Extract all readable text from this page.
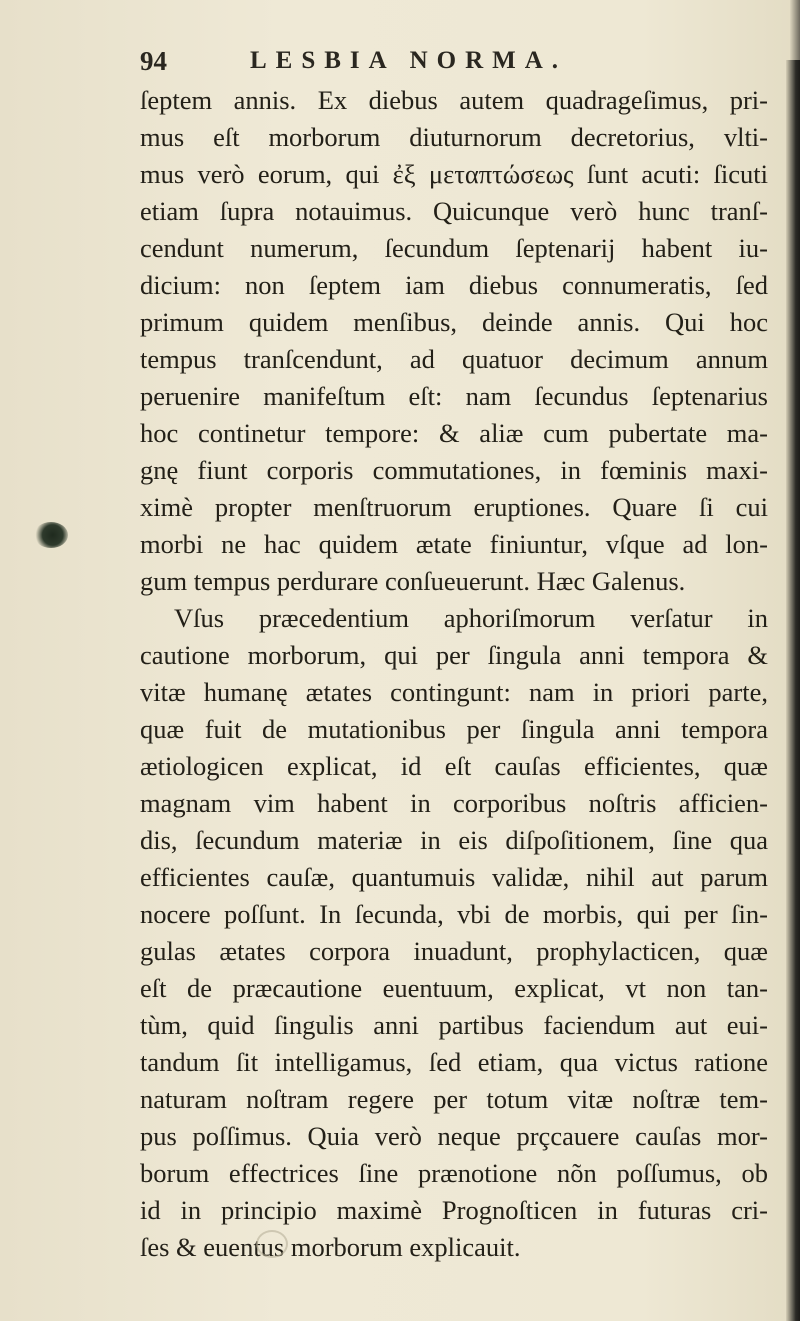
94	LESBIA NORMA.
ſeptem annis. Ex diebus autem quadrageſimus, pri-
mus eſt morborum diuturnorum decretorius, vlti-
mus verò eorum, qui ἐξ μεταπτώσεως ſunt acuti: ſicuti
etiam ſupra notauimus. Quicunque verò hunc tranſ-
cendunt numerum, ſecundum ſeptenarij habent iu-
dicium: non ſeptem iam diebus connumeratis, ſed
primum quidem menſibus, deinde annis. Qui hoc
tempus tranſcendunt, ad quatuor decimum annum
peruenire manifeſtum eſt: nam ſecundus ſeptenarius
hoc continetur tempore: & aliæ cum pubertate ma-
gnę fiunt corporis commutationes, in fœminis maxi-
ximè propter menſtruorum eruptiones. Quare ſi cui
morbi ne hac quidem ætate finiuntur, vſque ad lon-
gum tempus perdurare conſueuerunt. Hæc Galenus.
Vſus præcedentium aphoriſmorum verſatur in
cautione morborum, qui per ſingula anni tempora &
vitæ humanę ætates contingunt: nam in priori parte,
quæ fuit de mutationibus per ſingula anni tempora
ætiologicen explicat, id eſt cauſas efficientes, quæ
magnam vim habent in corporibus noſtris afficien-
dis, ſecundum materiæ in eis diſpoſitionem, ſine qua
efficientes cauſæ, quantumuis validæ, nihil aut parum
nocere poſſunt. In ſecunda, vbi de morbis, qui per ſin-
gulas ætates corpora inuadunt, prophylacticen, quæ
eſt de præcautione euentuum, explicat, vt non tan-
tùm, quid ſingulis anni partibus faciendum aut eui-
tandum ſit intelligamus, ſed etiam, qua victus ratione
naturam noſtram regere per totum vitæ noſtræ tem-
pus poſſimus. Quia verò neque prçcauere cauſas mor-
borum effectrices ſine prænotione nõn poſſumus, ob
id in principio maximè Prognoſticen in futuras cri-
ſes & euentus morborum explicauit.
